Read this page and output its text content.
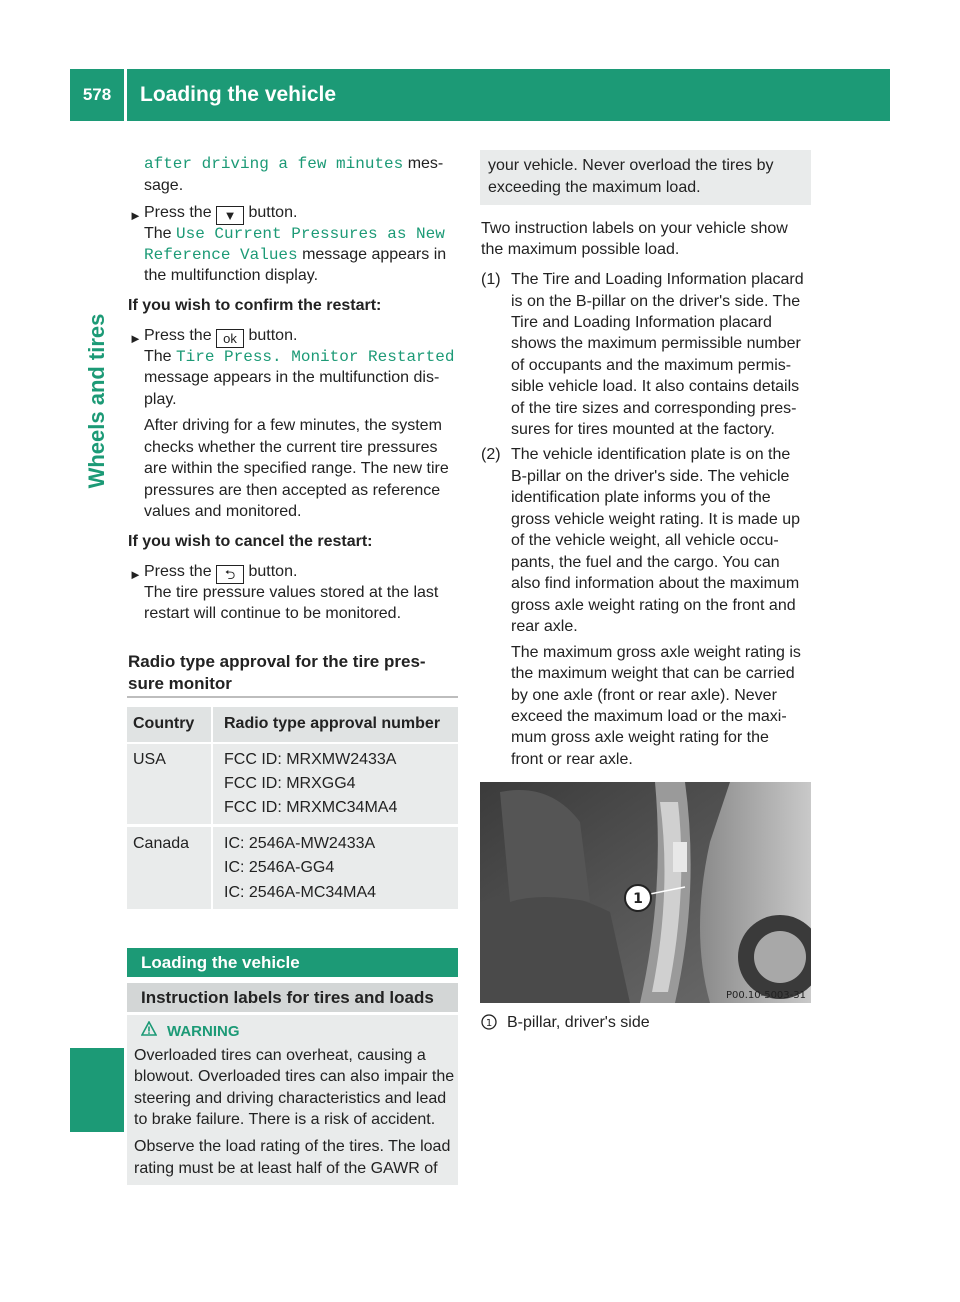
578	Loading the vehicle
Wheels and tires
after driving a few minutes mes-
sage.
► Press the ▼ button.
The Use Current Pressures as New
Reference Values message appears in
the multifunction display.
If you wish to confirm the restart:
► Press the ok button.
The Tire Press. Monitor Restarted
message appears in the multifunction dis-
play.
After driving for a few minutes, the system
checks whether the current tire pressures
are within the specified range. The new tire
pressures are then accepted as reference
values and monitored.
If you wish to cancel the restart:
► Press the ⮌ button.
The tire pressure values stored at the last
restart will continue to be monitored.
Radio type approval for the tire pres-
sure monitor
Country Radio type approval number
USA	FCC ID: MRXMW2433A
FCC ID: MRXGG4
FCC ID: MRXMC34MA4
Canada IC: 2546A-MW2433A
IC: 2546A-GG4
IC: 2546A-MC34MA4
Loading the vehicle
Instruction labels for tires and loads
WARNING
Overloaded tires can overheat, causing a
blowout. Overloaded tires can also impair the
steering and driving characteristics and lead
to brake failure. There is a risk of accident.
Observe the load rating of the tires. The load
rating must be at least half of the GAWR of
your vehicle. Never overload the tires by
exceeding the maximum load.
Two instruction labels on your vehicle show
the maximum possible load.
(1) The Tire and Loading Information placard
is on the B-pillar on the driver's side. The
Tire and Loading Information placard
shows the maximum permissible number
of occupants and the maximum permis-
sible vehicle load. It also contains details
of the tire sizes and corresponding pres-
sures for tires mounted at the factory.
(2) The vehicle identification plate is on the
B-pillar on the driver's side. The vehicle
identification plate informs you of the
gross vehicle weight rating. It is made up
of the vehicle weight, all vehicle occu-
pants, the fuel and the cargo. You can
also find information about the maximum
gross axle weight rating on the front and
rear axle.
The maximum gross axle weight rating is
the maximum weight that can be carried
by one axle (front or rear axle). Never
exceed the maximum load or the maxi-
mum gross axle weight rating for the
front or rear axle.
1
P00.10-5003-31
1 B-pillar, driver's side
